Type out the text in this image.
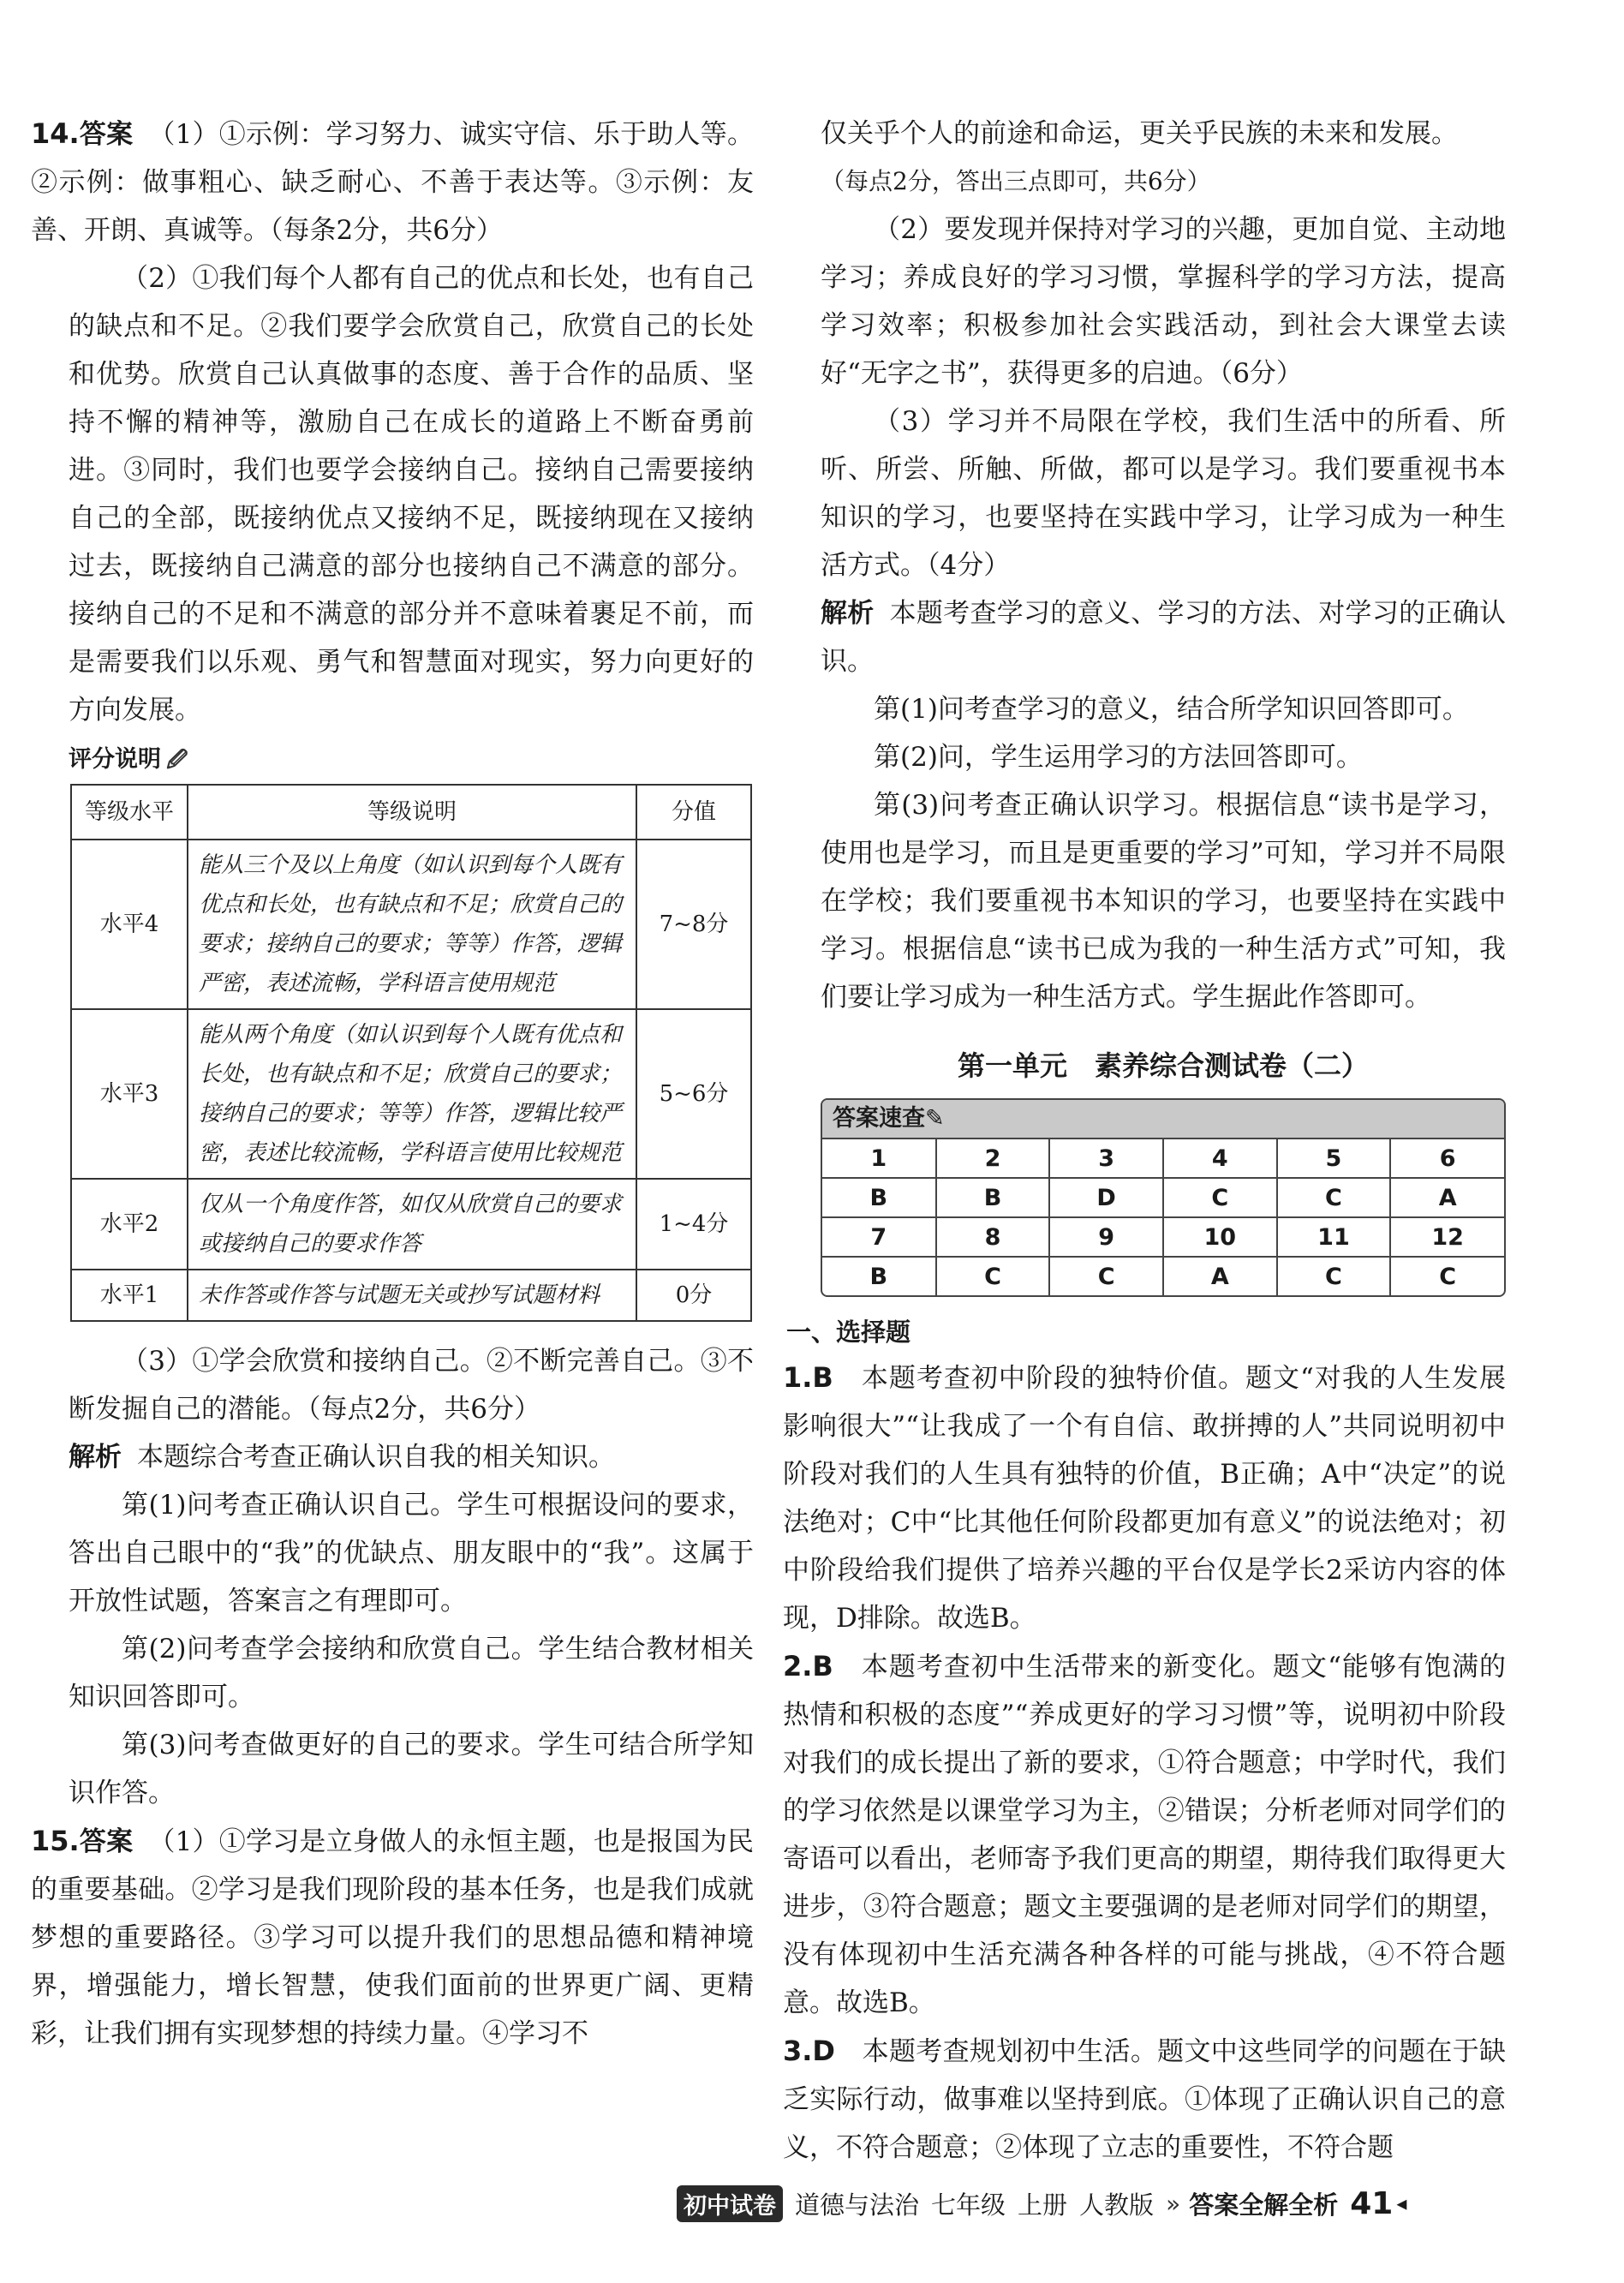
14.答案 （1）①示例：学习努力、诚实守信、乐于助人等。②示例：做事粗心、缺乏耐心、不善于表达等。③示例：友善、开朗、真诚等。（每条2分，共6分）

（2）①我们每个人都有自己的优点和长处，也有自己的缺点和不足。②我们要学会欣赏自己，欣赏自己的长处和优势。欣赏自己认真做事的态度、善于合作的品质、坚持不懈的精神等，激励自己在成长的道路上不断奋勇前进。③同时，我们也要学会接纳自己。接纳自己需要接纳自己的全部，既接纳优点又接纳不足，既接纳现在又接纳过去，既接纳自己满意的部分也接纳自己不满意的部分。接纳自己的不足和不满意的部分并不意味着裹足不前，而是需要我们以乐观、勇气和智慧面对现实，努力向更好的方向发展。

评分说明 🖉
等级水平	等级说明	分值
水平4	能从三个及以上角度（如认识到每个人既有优点和长处，也有缺点和不足；欣赏自己的要求；接纳自己的要求；等等）作答，逻辑严密，表述流畅，学科语言使用规范	7~8分
水平3	能从两个角度（如认识到每个人既有优点和长处，也有缺点和不足；欣赏自己的要求；接纳自己的要求；等等）作答，逻辑比较严密，表述比较流畅，学科语言使用比较规范	5~6分
水平2	仅从一个角度作答，如仅从欣赏自己的要求或接纳自己的要求作答	1~4分
水平1	未作答或作答与试题无关或抄写试题材料	0分

（3）①学会欣赏和接纳自己。②不断完善自己。③不断发掘自己的潜能。（每点2分，共6分）

解析 本题综合考查正确认识自我的相关知识。

第(1)问考查正确认识自己。学生可根据设问的要求，答出自己眼中的“我”的优缺点、朋友眼中的“我”。这属于开放性试题，答案言之有理即可。

第(2)问考查学会接纳和欣赏自己。学生结合教材相关知识回答即可。

第(3)问考查做更好的自己的要求。学生可结合所学知识作答。

15.答案 （1）①学习是立身做人的永恒主题，也是报国为民的重要基础。②学习是我们现阶段的基本任务，也是我们成就梦想的重要路径。③学习可以提升我们的思想品德和精神境界，增强能力，增长智慧，使我们面前的世界更广阔、更精彩，让我们拥有实现梦想的持续力量。④学习不

仅关乎个人的前途和命运，更关乎民族的未来和发展。

（每点2分，答出三点即可，共6分）

（2）要发现并保持对学习的兴趣，更加自觉、主动地学习；养成良好的学习习惯，掌握科学的学习方法，提高学习效率；积极参加社会实践活动，到社会大课堂去读好“无字之书”，获得更多的启迪。（6分）

（3）学习并不局限在学校，我们生活中的所看、所听、所尝、所触、所做，都可以是学习。我们要重视书本知识的学习，也要坚持在实践中学习，让学习成为一种生活方式。（4分）

解析 本题考查学习的意义、学习的方法、对学习的正确认识。

第(1)问考查学习的意义，结合所学知识回答即可。

第(2)问，学生运用学习的方法回答即可。

第(3)问考查正确认识学习。根据信息“读书是学习，使用也是学习，而且是更重要的学习”可知，学习并不局限在学校；我们要重视书本知识的学习，也要坚持在实践中学习。根据信息“读书已成为我的一种生活方式”可知，我们要让学习成为一种生活方式。学生据此作答即可。

第一单元　素养综合测试卷（二）
答案速查✎
1	2	3	4	5	6
B	B	D	C	C	A
7	8	9	10	11	12
B	C	C	A	C	C
一、选择题

1.B　 本题考查初中阶段的独特价值。题文“对我的人生发展影响很大”“让我成了一个有自信、敢拼搏的人”共同说明初中阶段对我们的人生具有独特的价值，B正确；A中“决定”的说法绝对；C中“比其他任何阶段都更加有意义”的说法绝对；初中阶段给我们提供了培养兴趣的平台仅是学长2采访内容的体现，D排除。故选B。

2.B　 本题考查初中生活带来的新变化。题文“能够有饱满的热情和积极的态度”“养成更好的学习习惯”等，说明初中阶段对我们的成长提出了新的要求，①符合题意；中学时代，我们的学习依然是以课堂学习为主，②错误；分析老师对同学们的寄语可以看出，老师寄予我们更高的期望，期待我们取得更大进步，③符合题意；题文主要强调的是老师对同学们的期望，没有体现初中生活充满各种各样的可能与挑战，④不符合题意。故选B。

3.D　 本题考查规划初中生活。题文中这些同学的问题在于缺乏实际行动，做事难以坚持到底。①体现了正确认识自己的意义，不符合题意；②体现了立志的重要性，不符合题

初中试卷 道德与法治 七年级 上册 人教版 » 答案全解全析 41 ◂
